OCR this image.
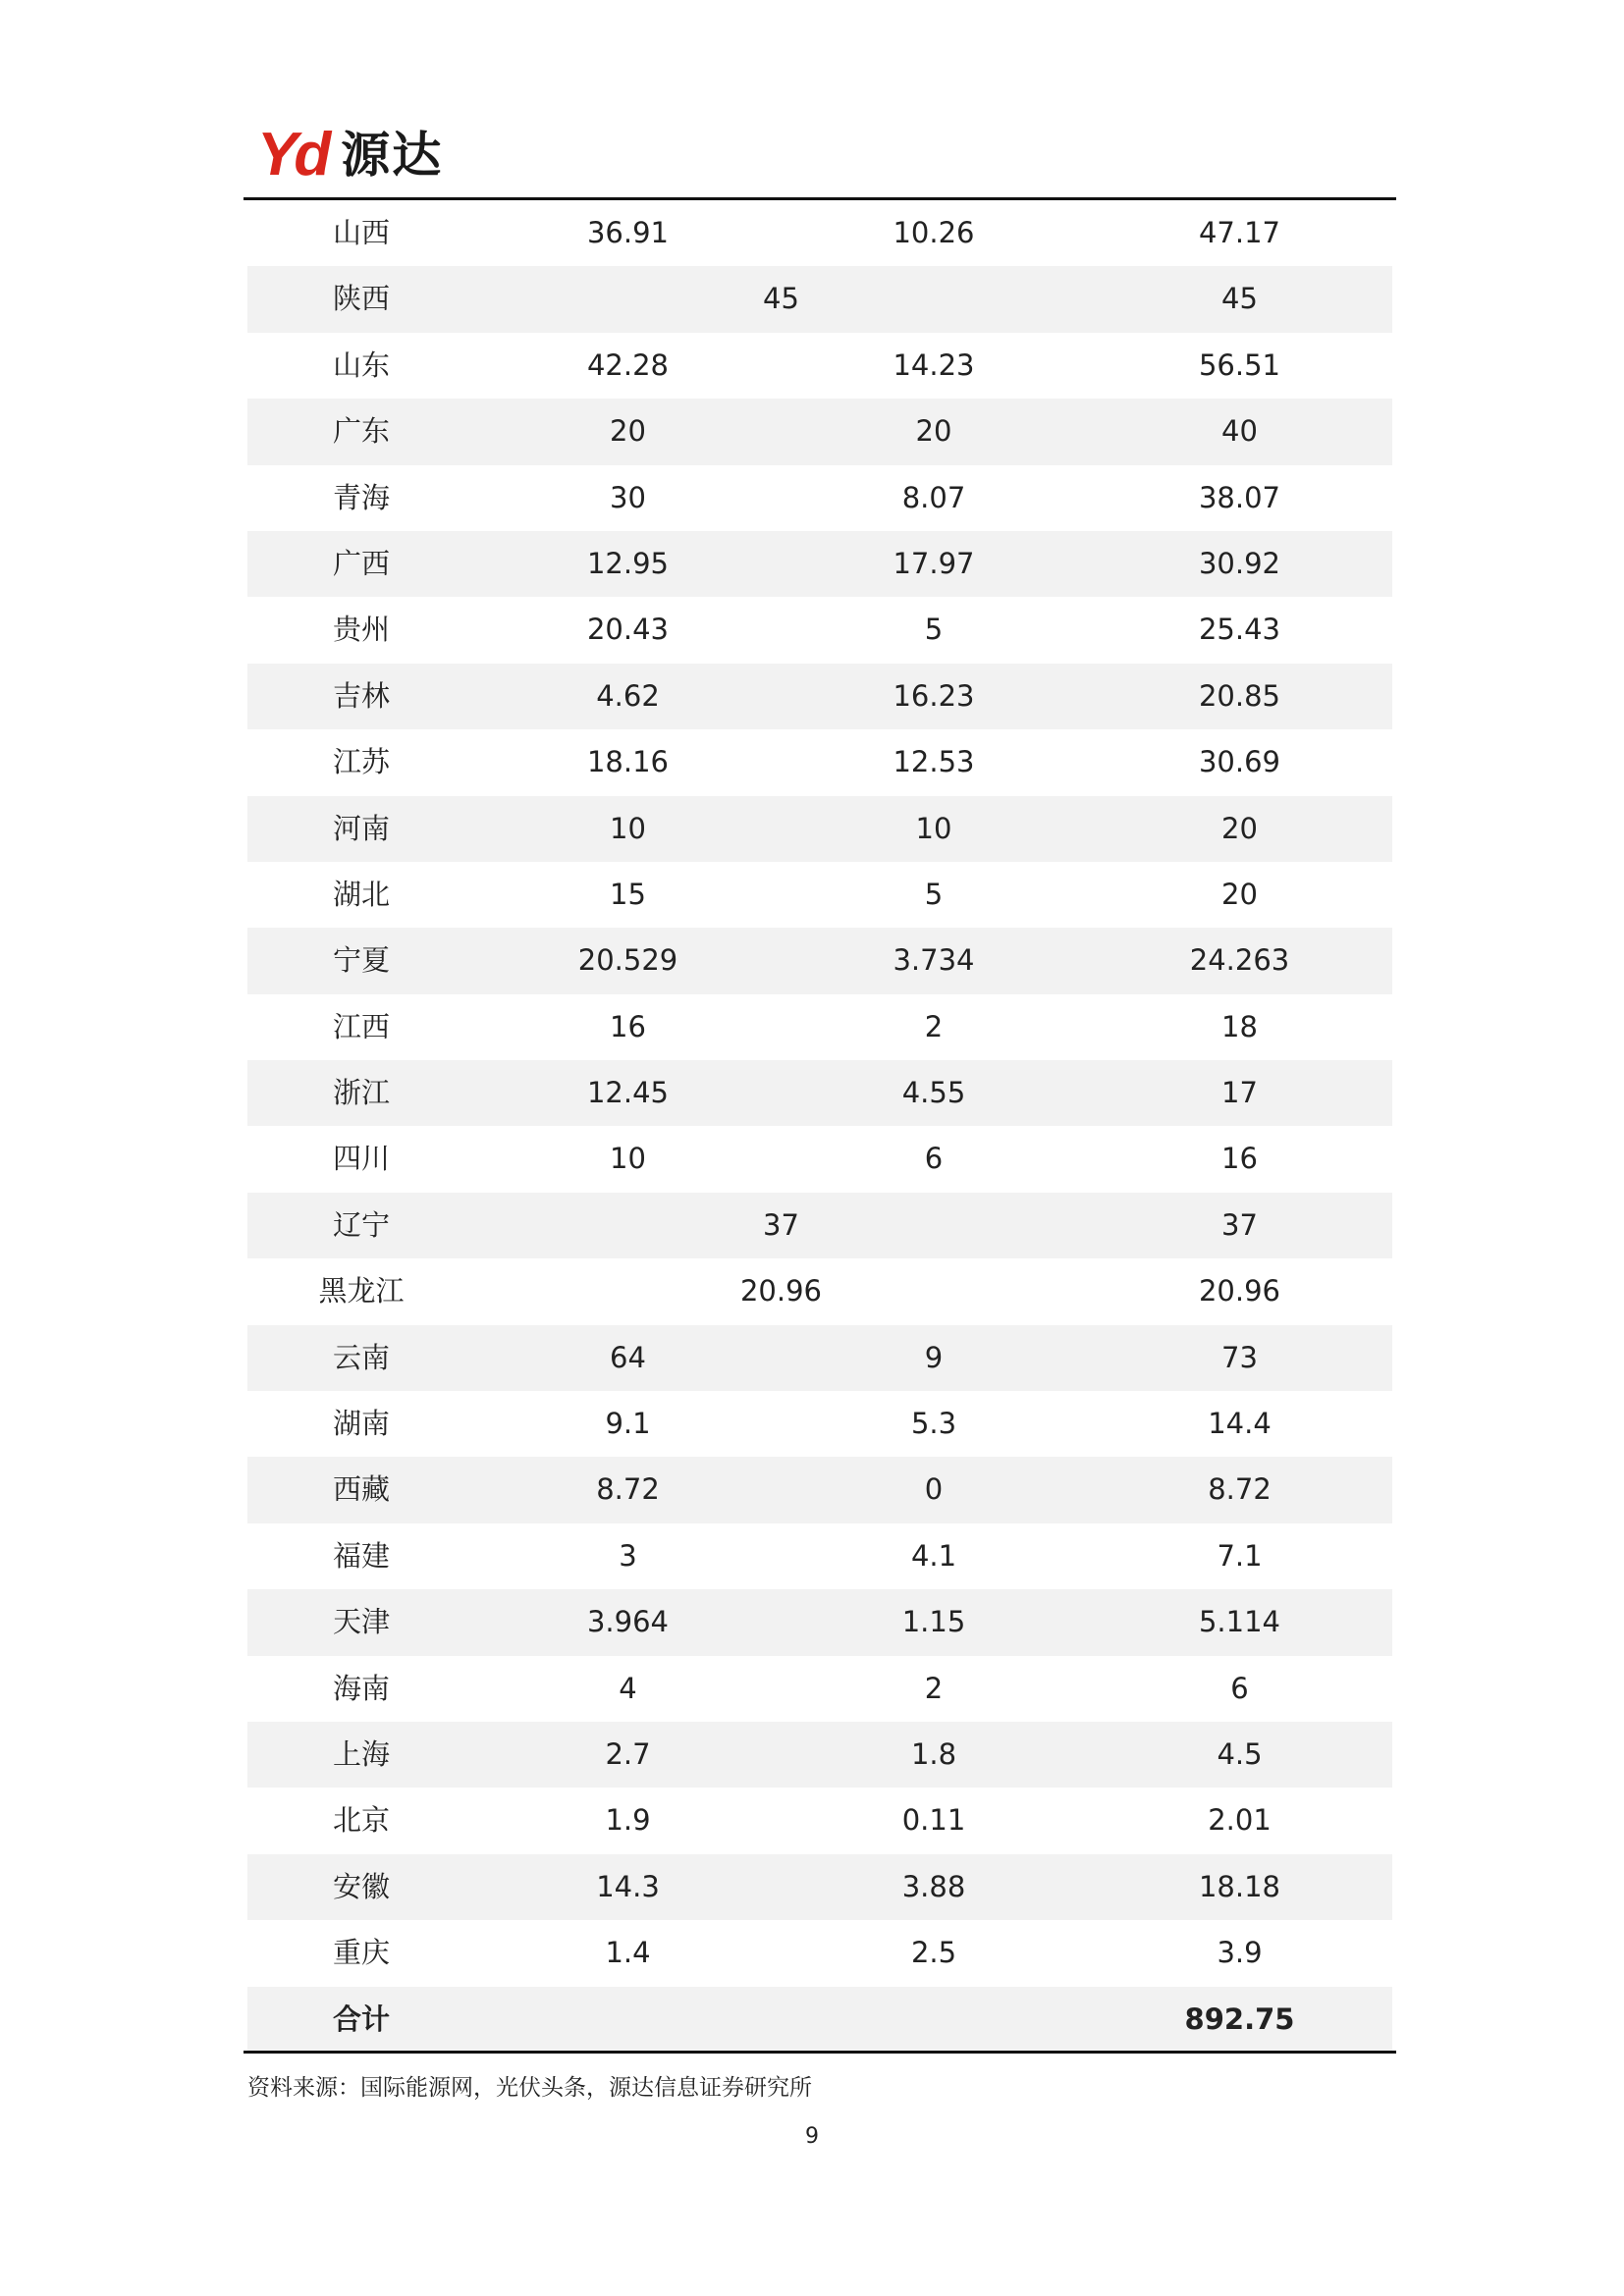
Yd 源达
山西	36.91	10.26	47.17
陕西	45	45
山东	42.28	14.23	56.51
广东	20	20	40
青海	30	8.07	38.07
广西	12.95	17.97	30.92
贵州	20.43	5	25.43
吉林	4.62	16.23	20.85
江苏	18.16	12.53	30.69
河南	10	10	20
湖北	15	5	20
宁夏	20.529	3.734	24.263
江西	16	2	18
浙江	12.45	4.55	17
四川	10	6	16
辽宁	37	37
黑龙江	20.96	20.96
云南	64	9	73
湖南	9.1	5.3	14.4
西藏	8.72	0	8.72
福建	3	4.1	7.1
天津	3.964	1.15	5.114
海南	4	2	6
上海	2.7	1.8	4.5
北京	1.9	0.11	2.01
安徽	14.3	3.88	18.18
重庆	1.4	2.5	3.9
合计	892.75
资料来源：国际能源网，光伏头条，源达信息证券研究所
9
